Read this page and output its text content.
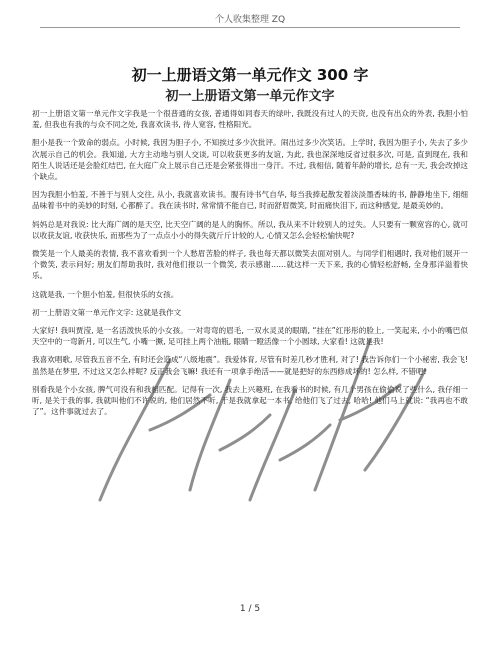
个人收集整理 ZQ
初一上册语文第一单元作文 300 字
初一上册语文第一单元作文字

初一上册语文第一单元作文字我是一个很普通的女孩, 普通得如同春天的绿叶, 我既没有过人的天资, 也没有出众的外表, 我胆小怕羞, 但我也有我的与众不同之处, 我喜欢读书, 待人宽容, 性格阳光。

胆小是我一个致命的弱点。小时候, 我因为胆子小, 不知挨过多少次批评。闹出过多少次笑话。上学时, 我因为胆子小, 失去了多少次展示自己的机会。我知道, 大方主动地与别人交谈, 可以收获更多的友谊, 为此, 我也深深地反省过很多次, 可是, 直到现在, 我和陌生人说话还是会脸红结巴, 在大庭广众上展示自己还是会紧张得出一身汗。不过, 我相信, 随着年龄的增长, 总有一天, 我会改掉这个缺点。

因为我胆小怕羞, 不善于与别人交往, 从小, 我就喜欢读书。腹有诗书气自华, 每当我捧起散发着淡淡墨香味的书, 静静地坐下, 细细品味着书中的美妙的时刻, 心都醉了。我在读书时, 常常情不能自已, 时而舒眉微笑, 时而痛快泪下, 而这种感觉, 是最美妙的。

妈妈总是对我说: 比大海广阔的是天空, 比天空广阔的是人的胸怀。所以, 我从来不计较别人的过失。人只要有一颗宽容的心, 就可以收获友谊, 收获快乐, 而那些为了一点点小小的得失就斤斤计较的人, 心情又怎么会轻松愉快呢?

微笑是一个人最美的表情, 我不喜欢看到一个人愁眉苦脸的样子, 我也每天都以微笑去面对别人。与同学们相遇时, 我对他们展开一个微笑, 表示问好; 朋友们帮助我时, 我对他们报以一个微笑, 表示感谢……就这样一天下来, 我的心情轻松舒畅, 全身那洋溢着快乐。

这就是我, 一个胆小怕羞, 但很快乐的女孩。

初一上册语文第一单元作文字: 这就是我作文

大家好! 我叫贾滢, 是一名活泼快乐的小女孩。一对弯弯的眉毛, 一双水灵灵的眼睛, “挂在”红彤彤的脸上, 一笑起来, 小小的嘴巴似天空中的一弯新月, 可以生气, 小嘴一撅, 足可挂上两个油瓶, 眼睛一瞪活像一个小圆球, 大家看! 这就是我!

我喜欢唱歌, 尽管我五音不全, 有时还会造成“八级地震”。我爱体育, 尽管有时差几秒才胜利, 对了! 我告诉你们一个小秘密, 我会飞! 虽然是在梦里, 不过这又怎么样呢? 反正我会飞嘛! 我还有一项拿手绝活——就是把好的东西修成坏的! 怎么样, 不错吧!

别看我是个小女孩, 脾气可没有和我相匹配。记得有一次, 我去上兴趣班, 在我看书的时候, 有几个男孩在偷偷说了些什么, 我仔细一听, 是关于我的事, 我就叫他们不许说的, 他们居然不听, 于是我就拿起一本书, 给他们飞了过去, 哈哈! 他们马上就说: “我再也不敢了”。这件事就过去了。

1 / 5
